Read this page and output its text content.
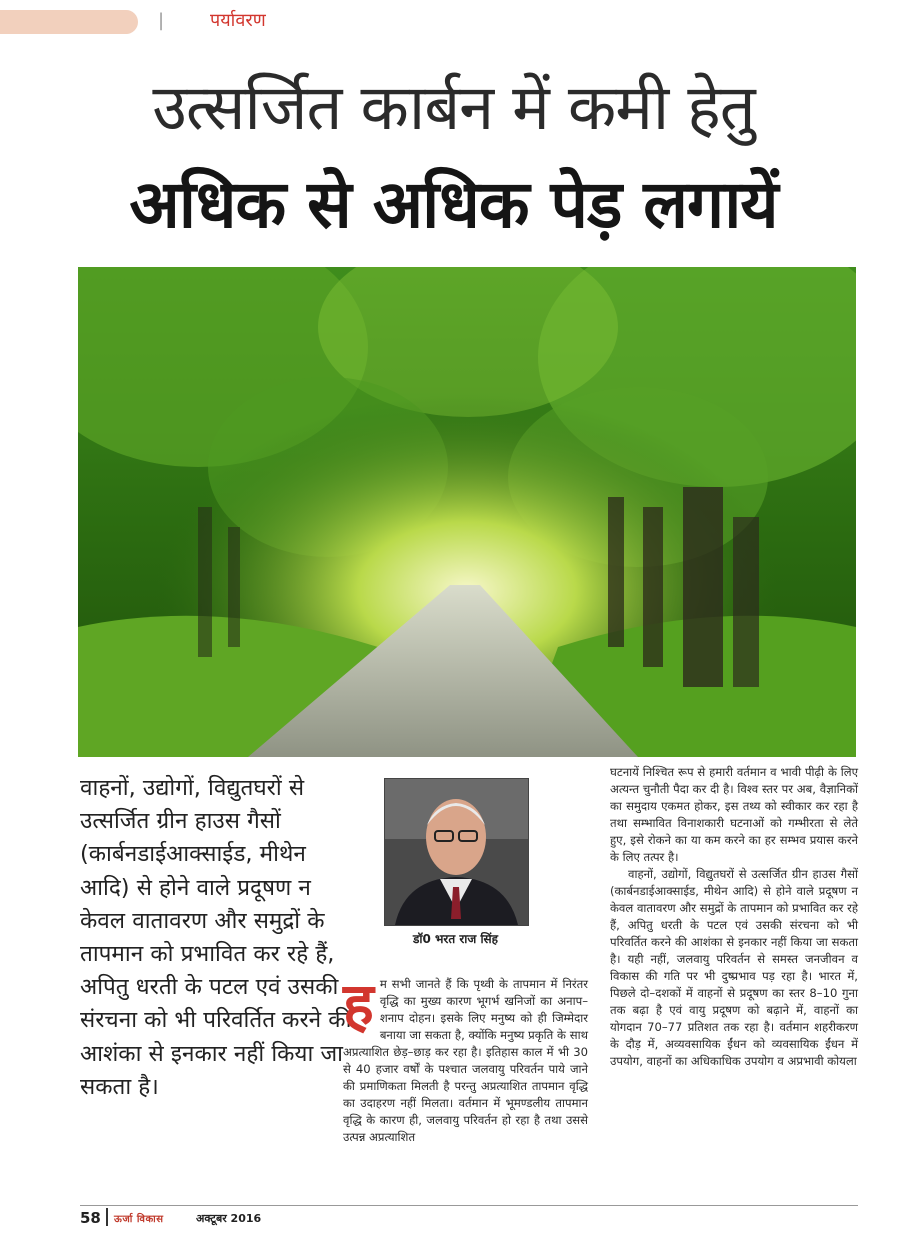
|	पर्यावरण
उत्सर्जित कार्बन में कमी हेतु
अधिक से अधिक पेड़ लगायें
वाहनों, उद्योगों, विद्युतघरों से उत्सर्जित ग्रीन हाउस गैसों (कार्बनडाईआक्साईड, मीथेन आदि) से होने वाले प्रदूषण न केवल वातावरण और समुद्रों के तापमान को प्रभावित कर रहे हैं, अपितु धरती के पटल एवं उसकी संरचना को भी परिवर्तित करने की आशंका से इनकार नहीं किया जा सकता है।
डॉ0 भरत राज सिंह
ह म सभी जानते हैं कि पृथ्वी के तापमान में निरंतर वृद्धि का मुख्य कारण भूगर्भ खनिजों का अनाप–शनाप दोहन। इसके लिए मनुष्य को ही जिम्मेदार बनाया जा सकता है, क्योंकि मनुष्य प्रकृति के साथ अप्रत्याशित छेड़–छाड़ कर रहा है। इतिहास काल में भी 30 से 40 हजार वर्षों के पश्चात जलवायु परिवर्तन पाये जाने की प्रमाणिकता मिलती है परन्तु अप्रत्याशित तापमान वृद्धि का उदाहरण नहीं मिलता। वर्तमान में भूमण्डलीय तापमान वृद्धि के कारण ही, जलवायु परिवर्तन हो रहा है तथा उससे उत्पन्न अप्रत्याशित

घटनायें निश्चित रूप से हमारी वर्तमान व भावी पीढ़ी के लिए अत्यन्त चुनौती पैदा कर दी है। विश्व स्तर पर अब, वैज्ञानिकों का समुदाय एकमत होकर, इस तथ्य को स्वीकार कर रहा है तथा सम्भावित विनाशकारी घटनाओं को गम्भीरता से लेते हुए, इसे रोकने का या कम करने का हर सम्भव प्रयास करने के लिए तत्पर है।

वाहनों, उद्योगों, विद्युतघरों से उत्सर्जित ग्रीन हाउस गैसों (कार्बनडाईआक्साईड, मीथेन आदि) से होने वाले प्रदूषण न केवल वातावरण और समुद्रों के तापमान को प्रभावित कर रहे हैं, अपितु धरती के पटल एवं उसकी संरचना को भी परिवर्तित करने की आशंका से इनकार नहीं किया जा सकता है। यही नहीं, जलवायु परिवर्तन से समस्त जनजीवन व विकास की गति पर भी दुष्प्रभाव पड़ रहा है। भारत में, पिछले दो–दशकों में वाहनों से प्रदूषण का स्तर 8–10 गुना तक बढ़ा है एवं वायु प्रदूषण को बढ़ाने में, वाहनों का योगदान 70–77 प्रतिशत तक रहा है। वर्तमान शहरीकरण के दौड़ में, अव्यवसायिक ईंधन को व्यवसायिक ईंधन में उपयोग, वाहनों का अधिकाधिक उपयोग व अप्रभावी कोयला

58 ऊर्जा विकास	अक्टूबर 2016
